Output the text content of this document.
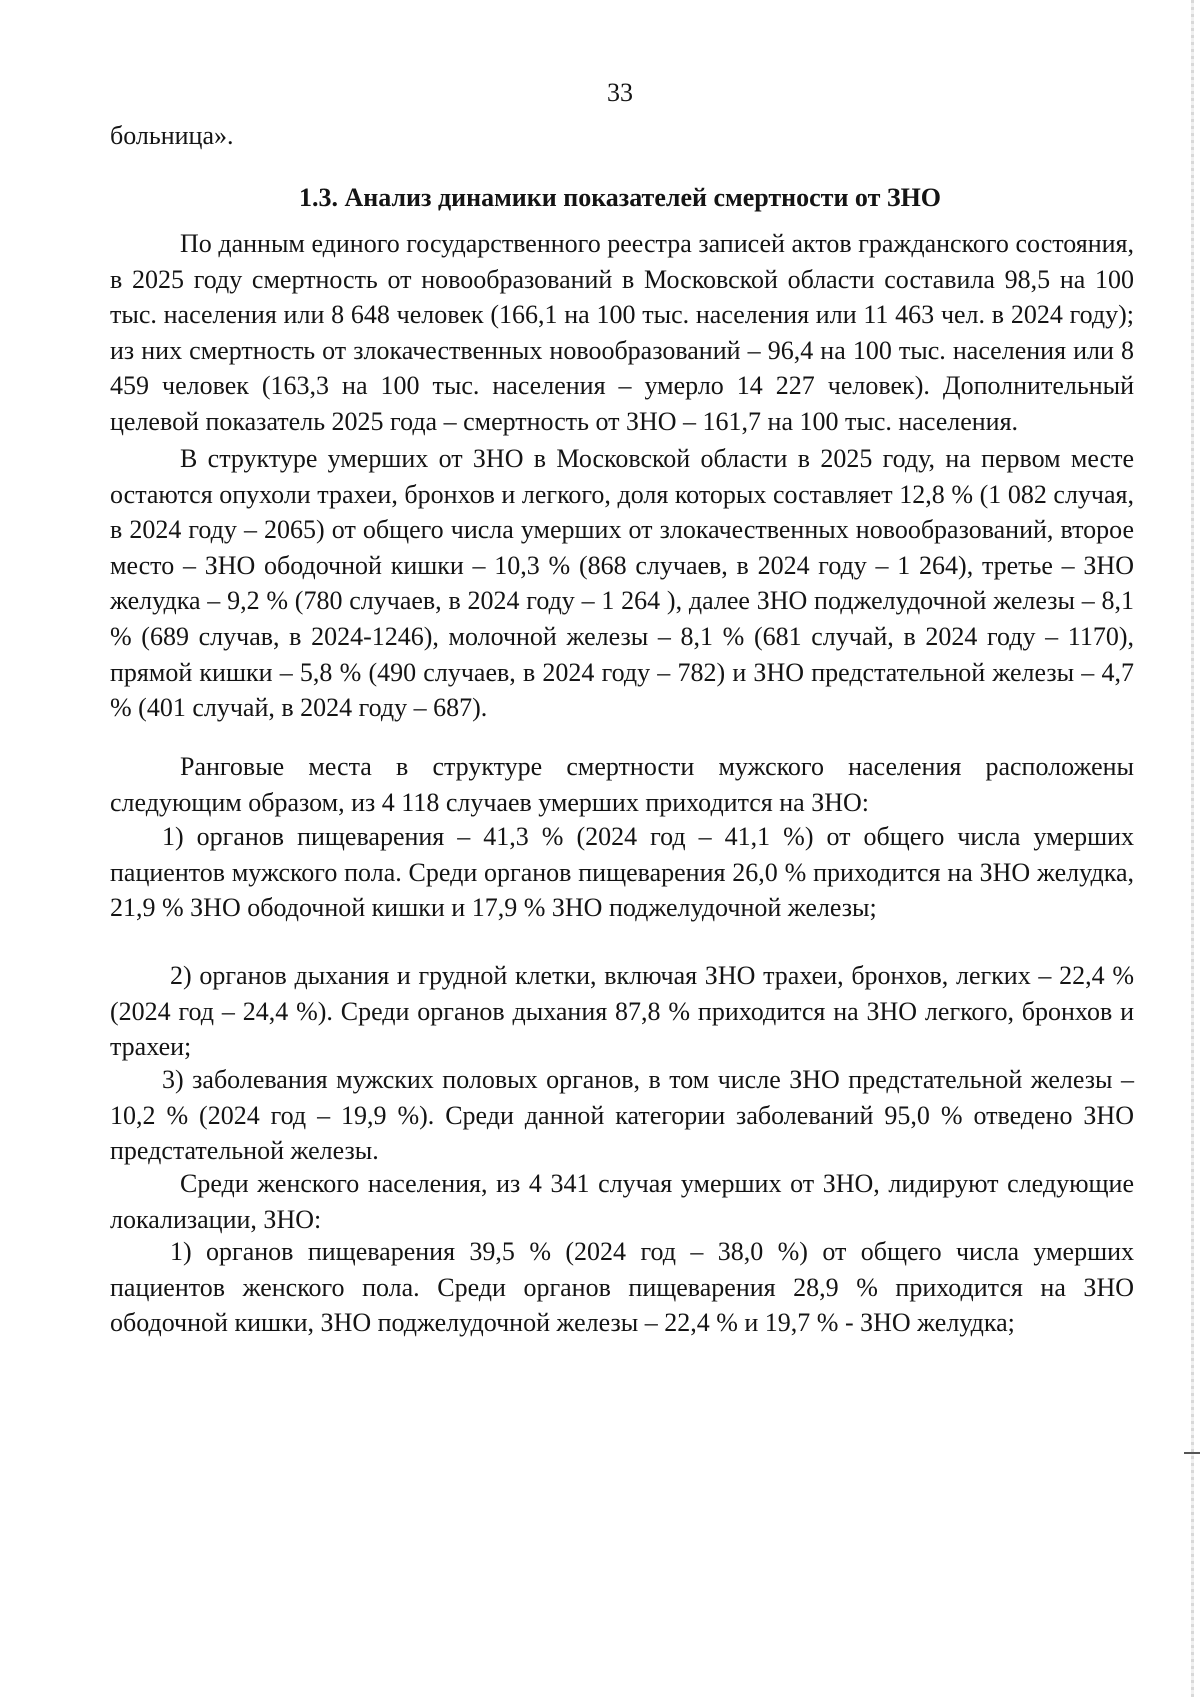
33
больница».
1.3. Анализ динамики показателей смертности от ЗНО

По данным единого государственного реестра записей актов гражданского состояния, в 2025 году смертность от новообразований в Московской области составила 98,5 на 100 тыс. населения или 8 648 человек (166,1 на 100 тыс. населения или 11 463 чел. в 2024 году); из них смертность от злокачественных новообразований – 96,4 на 100 тыс. населения или 8 459 человек (163,3 на 100 тыс. населения – умерло 14 227 человек). Дополнительный целевой показатель 2025 года – смертность от ЗНО – 161,7 на 100 тыс. населения.

В структуре умерших от ЗНО в Московской области в 2025 году, на первом месте остаются опухоли трахеи, бронхов и легкого, доля которых составляет 12,8 % (1 082 случая, в 2024 году – 2065) от общего числа умерших от злокачественных новообразований, второе место – ЗНО ободочной кишки – 10,3 % (868 случаев, в 2024 году – 1 264), третье – ЗНО желудка – 9,2 % (780 случаев, в 2024 году – 1 264 ), далее ЗНО поджелудочной железы – 8,1 % (689 случав, в 2024-1246), молочной железы – 8,1 % (681 случай, в 2024 году – 1170), прямой кишки – 5,8 % (490 случаев, в 2024 году – 782) и ЗНО предстательной железы – 4,7 % (401 случай, в 2024 году – 687).

Ранговые места в структуре смертности мужского населения расположены следующим образом, из 4 118 случаев умерших приходится на ЗНО:

1) органов пищеварения – 41,3 % (2024 год – 41,1 %) от общего числа умерших пациентов мужского пола. Среди органов пищеварения 26,0 % приходится на ЗНО желудка, 21,9 % ЗНО ободочной кишки и 17,9 % ЗНО поджелудочной железы;

2) органов дыхания и грудной клетки, включая ЗНО трахеи, бронхов, легких – 22,4 % (2024 год – 24,4 %). Среди органов дыхания 87,8 % приходится на ЗНО легкого, бронхов и трахеи;

3) заболевания мужских половых органов, в том числе ЗНО предстательной железы – 10,2 % (2024 год – 19,9 %). Среди данной категории заболеваний 95,0 % отведено ЗНО предстательной железы.

Среди женского населения, из 4 341 случая умерших от ЗНО, лидируют следующие локализации, ЗНО:

1) органов пищеварения 39,5 % (2024 год – 38,0 %) от общего числа умерших пациентов женского пола. Среди органов пищеварения 28,9 % приходится на ЗНО ободочной кишки, ЗНО поджелудочной железы – 22,4 % и 19,7 % - ЗНО желудка;
